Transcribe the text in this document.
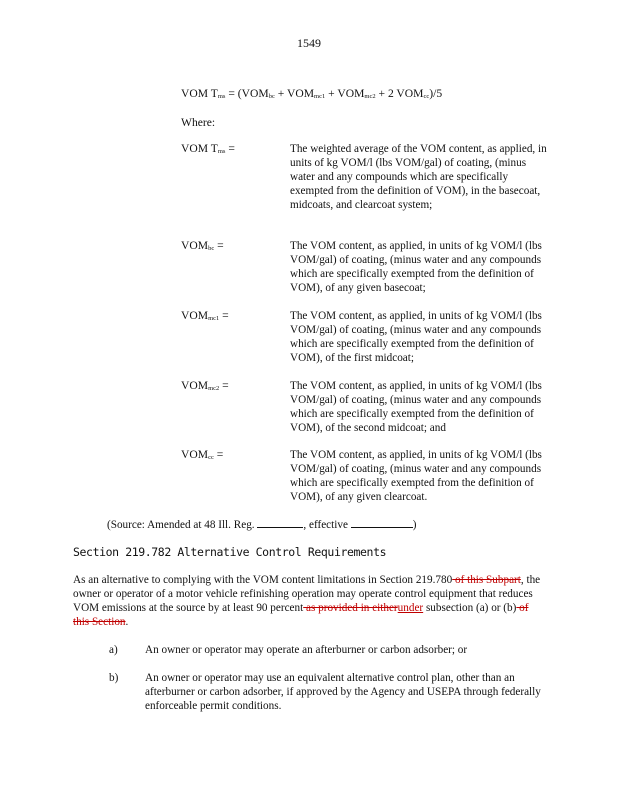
1549
VOM $T_{ms} = (VOM_{bc} + VOM_{mc1} + VOM_{mc2} + 2$ $VOM_{cc})/5$
Where:
VOM $T_{ms}$ =	The weighted average of the VOM content, as applied, in units of kg VOM/l (lbs VOM/gal) of coating, (minus water and any compounds which are specifically exempted from the definition of VOM), in the basecoat, midcoats, and clearcoat system;
$VOM_{bc}$ =	The VOM content, as applied, in units of kg VOM/l (lbs VOM/gal) of coating, (minus water and any compounds which are specifically exempted from the definition of VOM), of any given basecoat;
$VOM_{mc1}$ =	The VOM content, as applied, in units of kg VOM/l (lbs VOM/gal) of coating, (minus water and any compounds which are specifically exempted from the definition of VOM), of the first midcoat;
$VOM_{mc2}$ =	The VOM content, as applied, in units of kg VOM/l (lbs VOM/gal) of coating, (minus water and any compounds which are specifically exempted from the definition of VOM), of the second midcoat; and
$VOM_{cc}$ =	The VOM content, as applied, in units of kg VOM/l (lbs VOM/gal) of coating, (minus water and any compounds which are specifically exempted from the definition of VOM), of any given clearcoat.
(Source: Amended at 48 Ill. Reg.	, effective	)
Section 219.782 Alternative Control Requirements
As an alternative to complying with the VOM content limitations in Section 219.780 of this Subpart, the owner or operator of a motor vehicle refinishing operation may operate control equipment that reduces VOM emissions at the source by at least 90 percent as provided in eitherunder subsection (a) or (b) of this Section.
a) An owner or operator may operate an afterburner or carbon adsorber; or
b) An owner or operator may use an equivalent alternative control plan, other than an afterburner or carbon adsorber, if approved by the Agency and USEPA through federally enforceable permit conditions.
